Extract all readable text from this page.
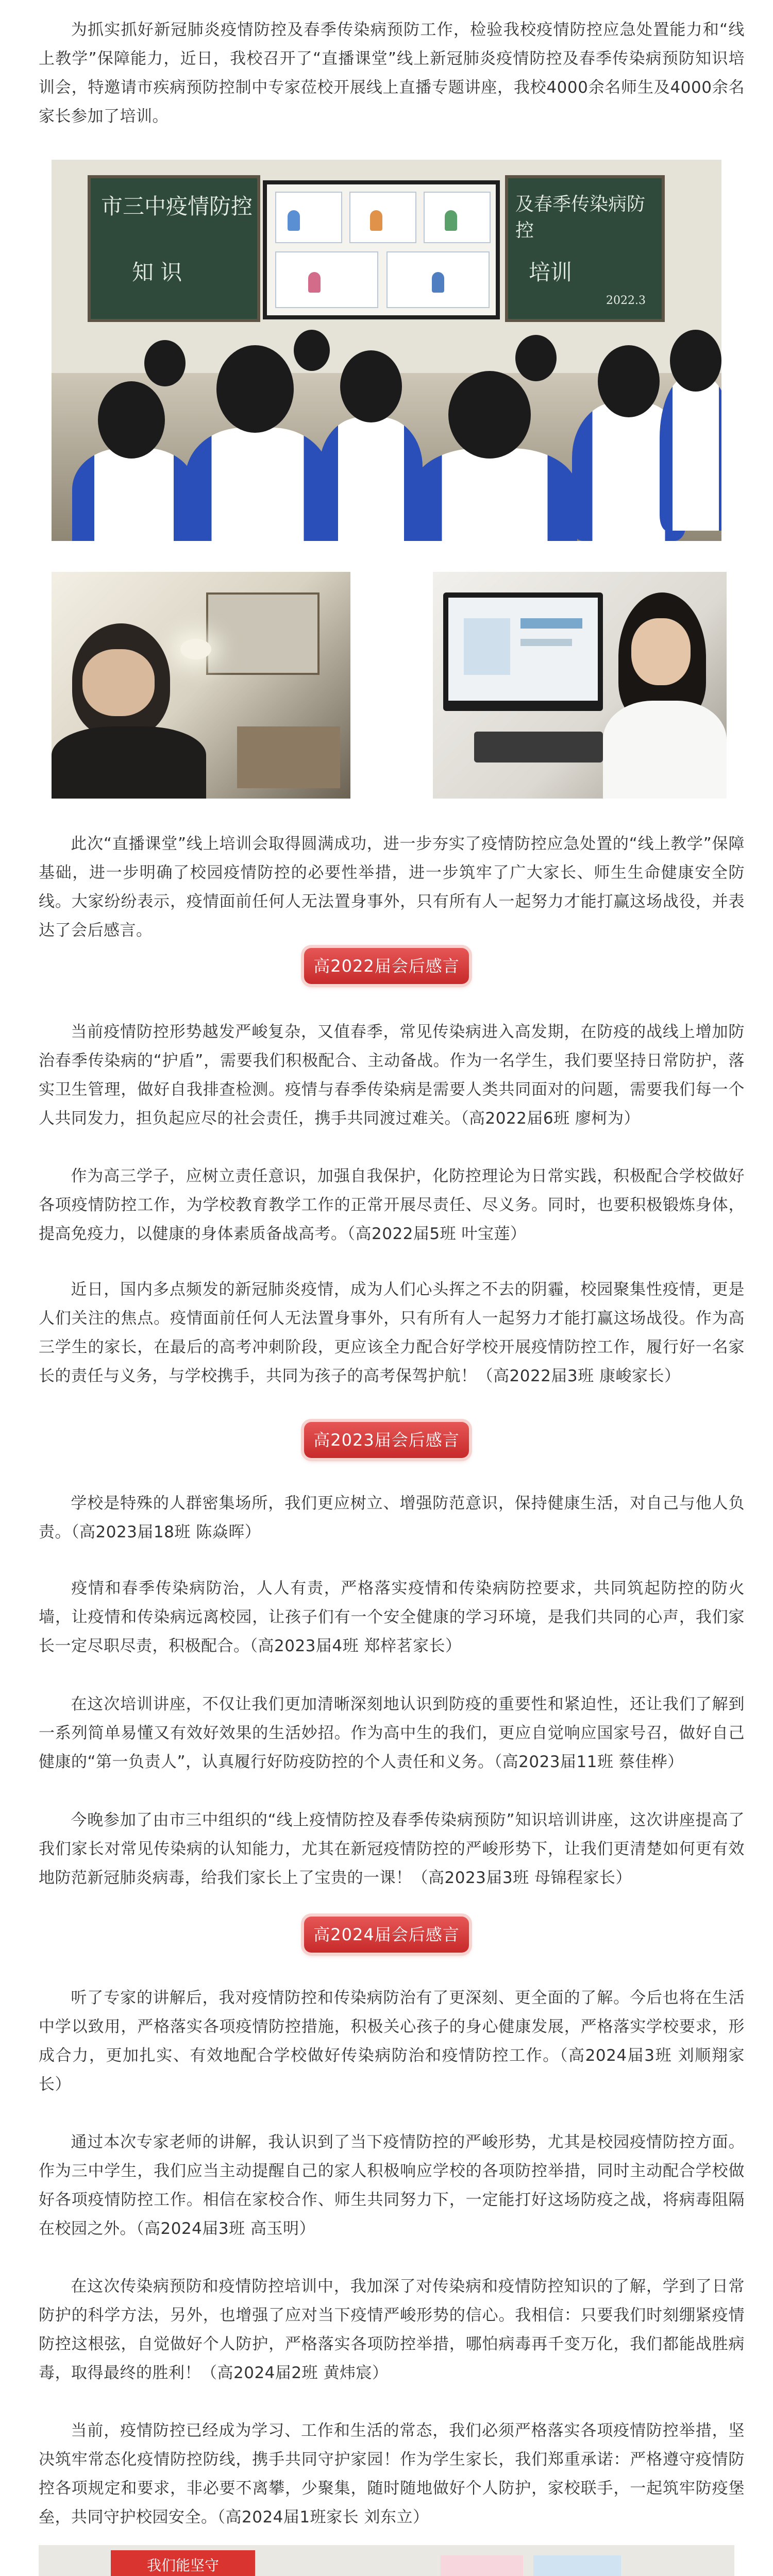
为抓实抓好新冠肺炎疫情防控及春季传染病预防工作，检验我校疫情防控应急处置能力和“线上教学”保障能力，近日，我校召开了“直播课堂”线上新冠肺炎疫情防控及春季传染病预防知识培训会，特邀请市疾病预防控制中专家莅校开展线上直播专题讲座，我校4000余名师生及4000余名家长参加了培训。

市三中疫情防控
知 识
及春季传染病防控
培训
2022.3

此次“直播课堂”线上培训会取得圆满成功，进一步夯实了疫情防控应急处置的“线上教学”保障基础，进一步明确了校园疫情防控的必要性举措，进一步筑牢了广大家长、师生生命健康安全防线。大家纷纷表示，疫情面前任何人无法置身事外，只有所有人一起努力才能打赢这场战役，并表达了会后感言。

高2022届会后感言

当前疫情防控形势越发严峻复杂，又值春季，常见传染病进入高发期，在防疫的战线上增加防治春季传染病的“护盾”，需要我们积极配合、主动备战。作为一名学生，我们要坚持日常防护，落实卫生管理，做好自我排查检测。疫情与春季传染病是需要人类共同面对的问题，需要我们每一个人共同发力，担负起应尽的社会责任，携手共同渡过难关。（高2022届6班 廖柯为）

作为高三学子，应树立责任意识，加强自我保护，化防控理论为日常实践，积极配合学校做好各项疫情防控工作，为学校教育教学工作的正常开展尽责任、尽义务。同时，也要积极锻炼身体，提高免疫力，以健康的身体素质备战高考。（高2022届5班 叶宝莲）

近日，国内多点频发的新冠肺炎疫情，成为人们心头挥之不去的阴霾，校园聚集性疫情，更是人们关注的焦点。疫情面前任何人无法置身事外，只有所有人一起努力才能打赢这场战役。作为高三学生的家长，在最后的高考冲刺阶段，更应该全力配合好学校开展疫情防控工作，履行好一名家长的责任与义务，与学校携手，共同为孩子的高考保驾护航！（高2022届3班 康峻家长）

高2023届会后感言

学校是特殊的人群密集场所，我们更应树立、增强防范意识，保持健康生活，对自己与他人负责。（高2023届18班 陈焱晖）

疫情和春季传染病防治，人人有责，严格落实疫情和传染病防控要求，共同筑起防控的防火墙，让疫情和传染病远离校园，让孩子们有一个安全健康的学习环境，是我们共同的心声，我们家长一定尽职尽责，积极配合。（高2023届4班 郑梓茗家长）

在这次培训讲座，不仅让我们更加清晰深刻地认识到防疫的重要性和紧迫性，还让我们了解到一系列简单易懂又有效好效果的生活妙招。作为高中生的我们，更应自觉响应国家号召，做好自己健康的“第一负责人”，认真履行好防疫防控的个人责任和义务。（高2023届11班 蔡佳桦）

今晚参加了由市三中组织的“线上疫情防控及春季传染病预防”知识培训讲座，这次讲座提高了我们家长对常见传染病的认知能力，尤其在新冠疫情防控的严峻形势下，让我们更清楚如何更有效地防范新冠肺炎病毒，给我们家长上了宝贵的一课！（高2023届3班 母锦程家长）

高2024届会后感言

听了专家的讲解后，我对疫情防控和传染病防治有了更深刻、更全面的了解。今后也将在生活中学以致用，严格落实各项疫情防控措施，积极关心孩子的身心健康发展，严格落实学校要求，形成合力，更加扎实、有效地配合学校做好传染病防治和疫情防控工作。（高2024届3班 刘顺翔家长）

通过本次专家老师的讲解，我认识到了当下疫情防控的严峻形势，尤其是校园疫情防控方面。作为三中学生，我们应当主动提醒自己的家人积极响应学校的各项防控举措，同时主动配合学校做好各项疫情防控工作。相信在家校合作、师生共同努力下，一定能打好这场防疫之战，将病毒阻隔在校园之外。（高2024届3班 高玉明）

在这次传染病预防和疫情防控培训中，我加深了对传染病和疫情防控知识的了解，学到了日常防护的科学方法，另外，也增强了应对当下疫情严峻形势的信心。我相信：只要我们时刻绷紧疫情防控这根弦，自觉做好个人防护，严格落实各项防控举措，哪怕病毒再千变万化，我们都能战胜病毒，取得最终的胜利！（高2024届2班 黄炜宸）

当前，疫情防控已经成为学习、工作和生活的常态，我们必须严格落实各项疫情防控举措，坚决筑牢常态化疫情防控防线，携手共同守护家园！作为学生家长，我们郑重承诺：严格遵守疫情防控各项规定和要求，非必要不离攀，少聚集，随时随地做好个人防护，家校联手，一起筑牢防疫堡垒，共同守护校园安全。（高2024届1班家长 刘东立）

我们能坚守
